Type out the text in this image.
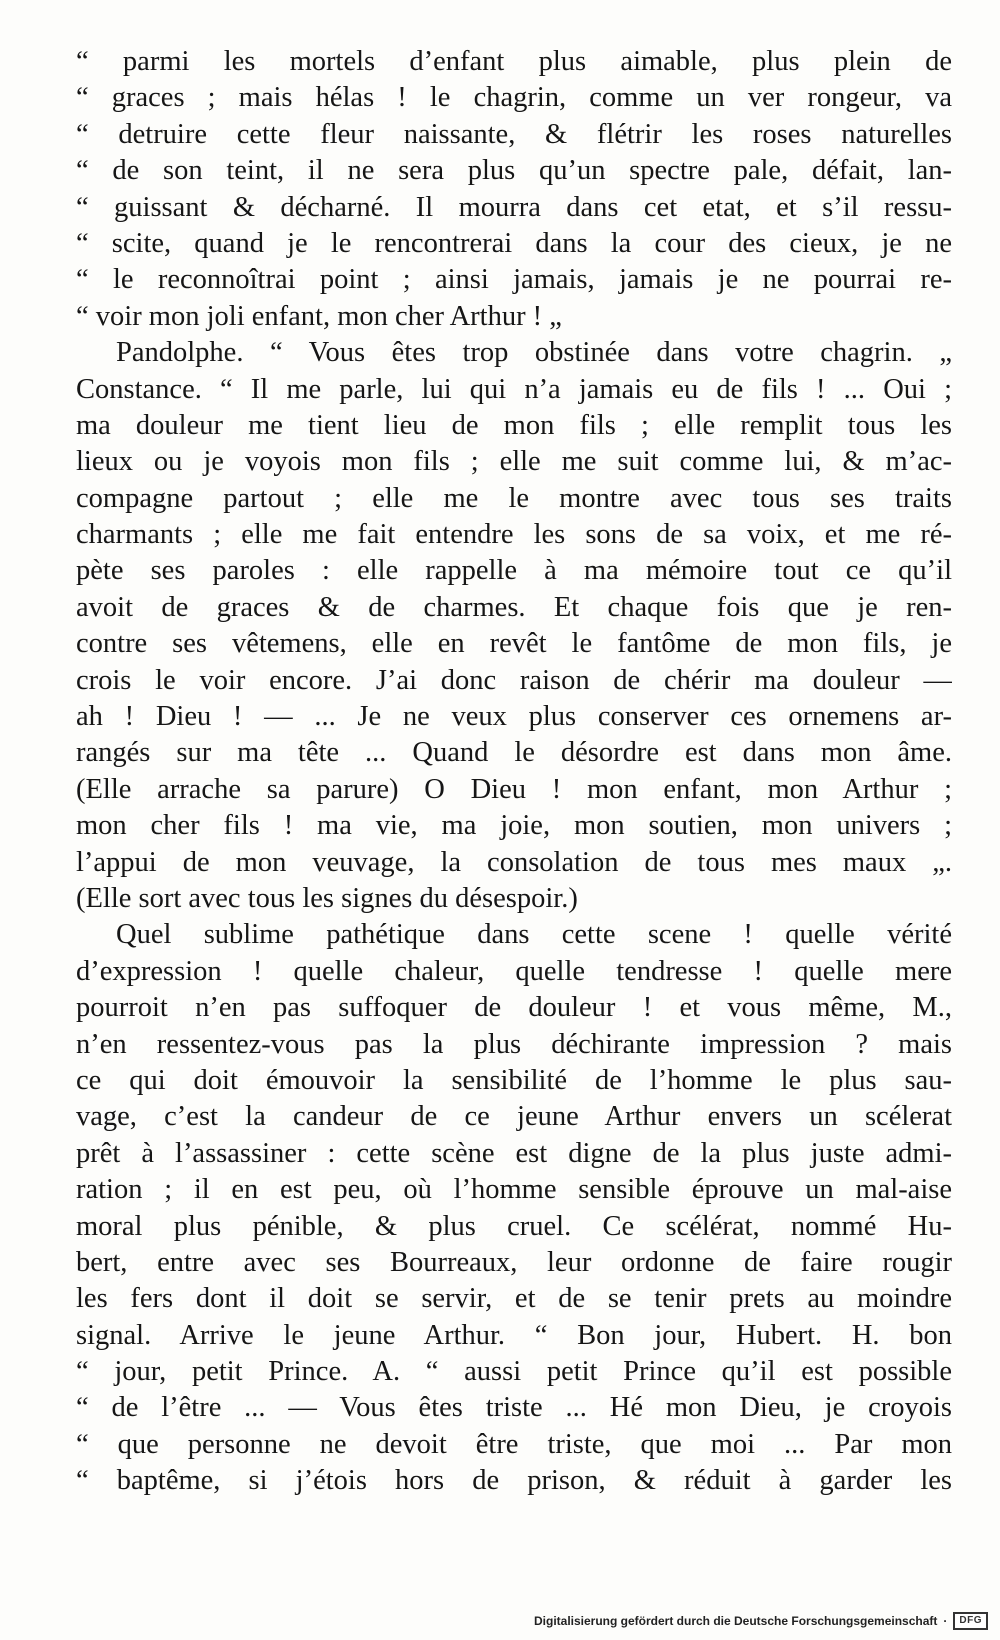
“ parmi les mortels d’enfant plus aimable, plus plein de
“ graces ; mais hélas ! le chagrin, comme un ver rongeur, va
“ detruire cette fleur naissante, & flétrir les roses naturelles
“ de son teint, il ne sera plus qu’un spectre pale, défait, lan-
“ guissant & décharné. Il mourra dans cet etat, et s’il ressu-
“ scite, quand je le rencontrerai dans la cour des cieux, je ne
“ le reconnoîtrai point ; ainsi jamais, jamais je ne pourrai re-
“ voir mon joli enfant, mon cher Arthur ! „
Pandolphe. “ Vous êtes trop obstinée dans votre chagrin. „
Constance. “ Il me parle, lui qui n’a jamais eu de fils ! ... Oui ;
ma douleur me tient lieu de mon fils ; elle remplit tous les
lieux ou je voyois mon fils ; elle me suit comme lui, & m’ac-
compagne partout ; elle me le montre avec tous ses traits
charmants ; elle me fait entendre les sons de sa voix, et me ré-
pète ses paroles : elle rappelle à ma mémoire tout ce qu’il
avoit de graces & de charmes. Et chaque fois que je ren-
contre ses vêtemens, elle en revêt le fantôme de mon fils, je
crois le voir encore. J’ai donc raison de chérir ma douleur —
ah ! Dieu ! — ... Je ne veux plus conserver ces ornemens ar-
rangés sur ma tête ... Quand le désordre est dans mon âme.
(Elle arrache sa parure) O Dieu ! mon enfant, mon Arthur ;
mon cher fils ! ma vie, ma joie, mon soutien, mon univers ;
l’appui de mon veuvage, la consolation de tous mes maux „.
(Elle sort avec tous les signes du désespoir.)
Quel sublime pathétique dans cette scene ! quelle vérité
d’expression ! quelle chaleur, quelle tendresse ! quelle mere
pourroit n’en pas suffoquer de douleur ! et vous même, M.,
n’en ressentez-vous pas la plus déchirante impression ? mais
ce qui doit émouvoir la sensibilité de l’homme le plus sau-
vage, c’est la candeur de ce jeune Arthur envers un scélerat
prêt à l’assassiner : cette scène est digne de la plus juste admi-
ration ; il en est peu, où l’homme sensible éprouve un mal-aise
moral plus pénible, & plus cruel. Ce scélérat, nommé Hu-
bert, entre avec ses Bourreaux, leur ordonne de faire rougir
les fers dont il doit se servir, et de se tenir prets au moindre
signal. Arrive le jeune Arthur. “ Bon jour, Hubert. H. bon
“ jour, petit Prince. A. “ aussi petit Prince qu’il est possible
“ de l’être ... — Vous êtes triste ... Hé mon Dieu, je croyois
“ que personne ne devoit être triste, que moi ... Par mon
“ baptême, si j’étois hors de prison, & réduit à garder les
Digitalisierung gefördert durch die Deutsche Forschungsgemeinschaft ·	DFG
